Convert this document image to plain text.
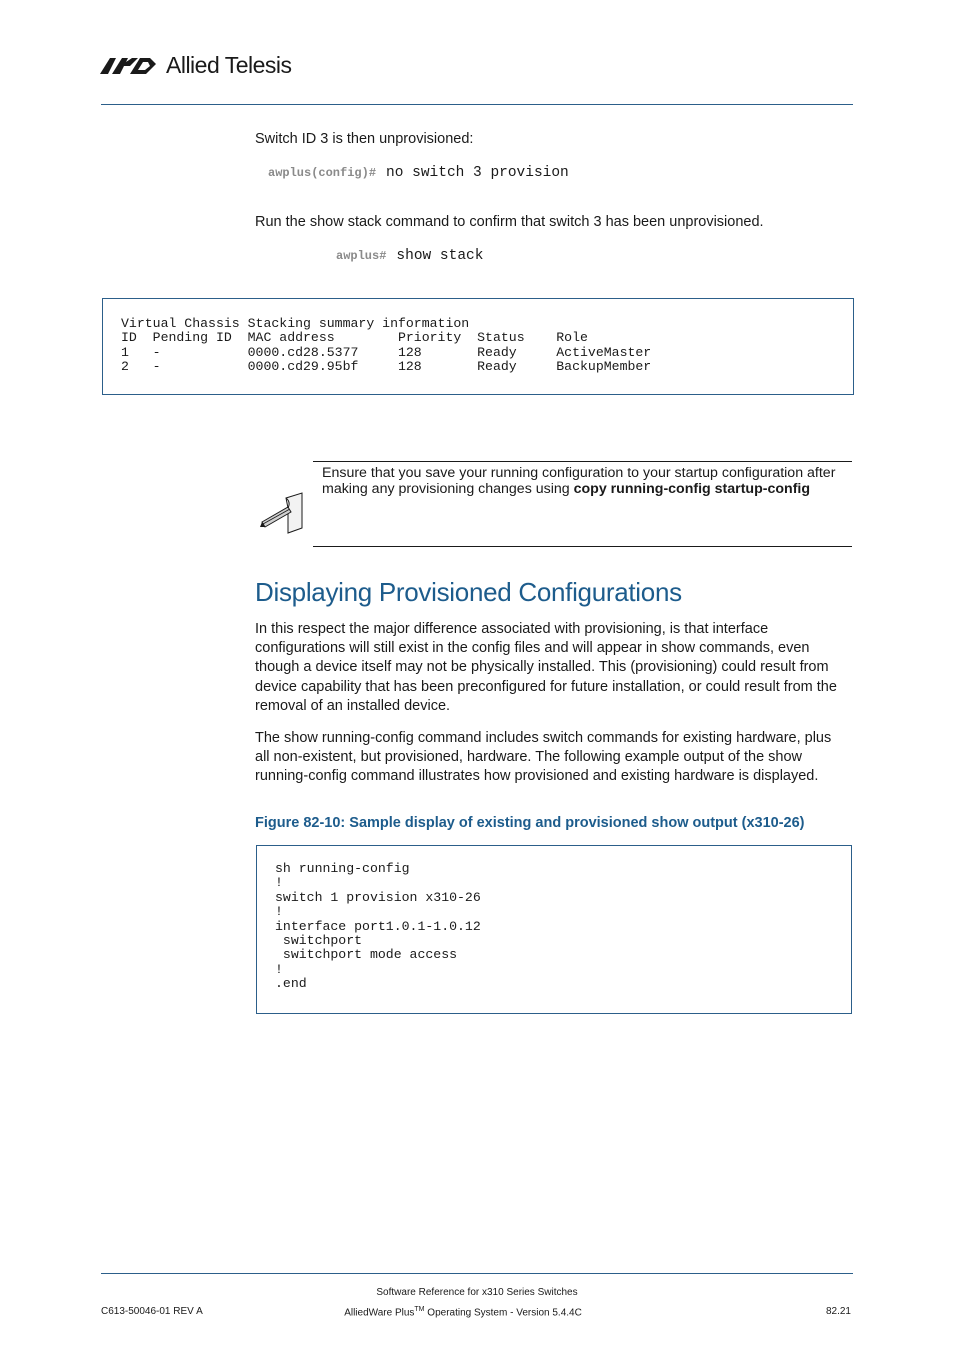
Allied Telesis
Switch ID 3 is then unprovisioned:
awplus(config)# no switch 3 provision
Run the show stack command to confirm that switch 3 has been unprovisioned.
awplus# show stack
Virtual Chassis Stacking summary information
ID  Pending ID  MAC address        Priority  Status    Role
1   -           0000.cd28.5377     128       Ready     ActiveMaster
2   -           0000.cd29.95bf     128       Ready     BackupMember
Ensure that you save your running configuration to your startup configuration after making any provisioning changes using copy running-config startup-config
Displaying Provisioned Configurations
In this respect the major difference associated with provisioning, is that interface configurations will still exist in the config files and will appear in show commands, even though a device itself may not be physically installed. This (provisioning) could result from device capability that has been preconfigured for future installation, or could result from the removal of an installed device.
The show running-config command includes switch commands for existing hardware, plus all non-existent, but provisioned, hardware. The following example output of the show running-config command illustrates how provisioned and existing hardware is displayed.
Figure 82-10: Sample display of existing and provisioned show output (x310-26)
sh running-config
!
switch 1 provision x310-26
!
interface port1.0.1-1.0.12
switchport
switchport mode access
!
.end
Software Reference for x310 Series Switches
C613-50046-01 REV A	AlliedWare Plus™ Operating System - Version 5.4.4C	82.21
